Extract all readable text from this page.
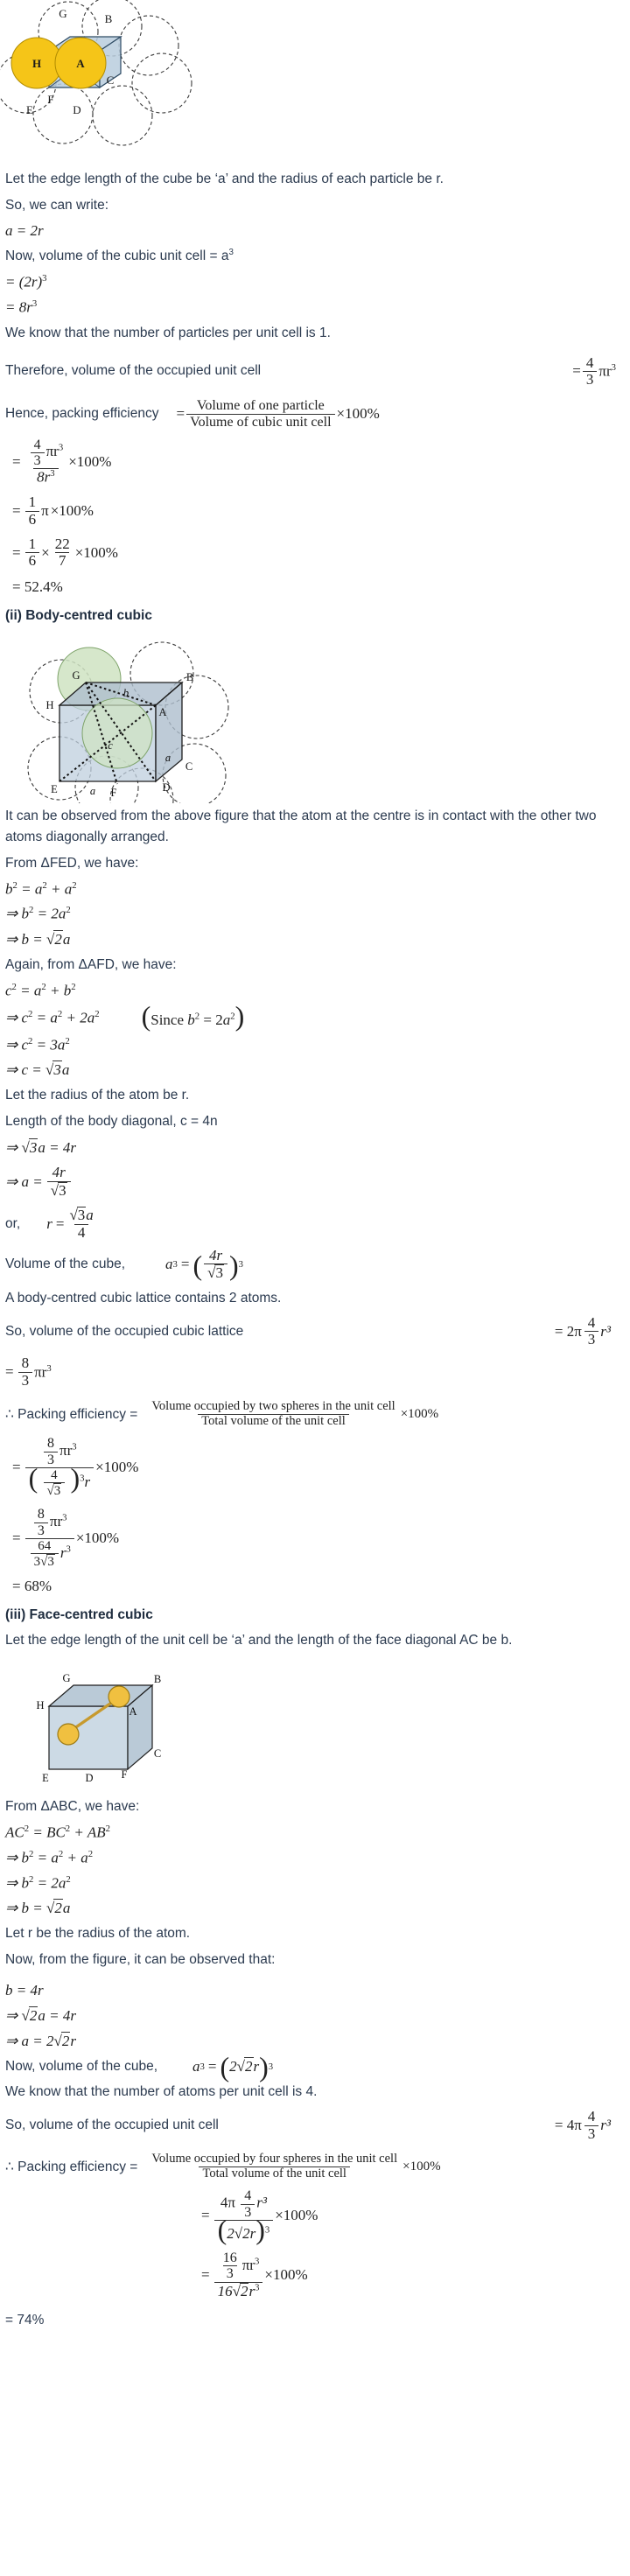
H	A
G	B
C
F
E	D
Let the edge length of the cube be ‘a’ and the radius of each particle be r.
So, we can write:
a = 2r
Now, volume of the cubic unit cell = $a^3$
= $(2r)^3$
= $8r^3$
We know that the number of particles per unit cell is 1.
Therefore, volume of the occupied unit cell	= $\frac{4}{3} \pi r^3$
Hence, packing efficiency = $\frac{\text{Volume of one particle}}{\text{Volume of cubic unit cell}} \times 100\%$
= $\frac{\frac{4}{3} \pi r^3}{8r^3} \times 100\%$
= $\frac{1}{6}$ π ×100%
= $\frac{1}{6} \times \frac{22}{7} \times 100\%$
= 52.4%
(ii) Body-centred cubic
G	B
H
A
E	F	D
C
b
c
a
a
It can be observed from the above figure that the atom at the centre is in contact with the other two atoms diagonally arranged.
From ΔFED, we have:
$b^2 = a^2 + a^2$
⇒ $b^2 = 2a^2$
⇒ b = √2a
Again, from ΔAFD, we have:
$c^2 = a^2 + b^2$
⇒ $c^2 = a^2 + 2a^2$ (Since $b^2 = 2a^2$)
⇒ $c^2 = 3a^2$
⇒ c = √3a
Let the radius of the atom be r.
Length of the body diagonal, c = 4n
⇒ √3a = 4r
⇒ $a = \frac{4r}{√3}$
or, $r = \frac{√3a}{4}$
Volume of the cube,	a 3 = ( $\frac{4r}{√3}$ ) 3
A body-centred cubic lattice contains 2 atoms.
So, volume of the occupied cubic lattice	= $2\pi \frac{4}{3} r^3$
= $\frac{8}{3} \pi r^3$
∴ Packing efficiency = $\frac{\text{Volume occupied by two spheres in the unit cell}}{\text{Total volume of the unit cell}} \times 100\%$
= $\frac{\frac{8}{3} \pi r^3}{( \frac{4}{√3} )^3r} \times 100\%$
= $\frac{\frac{8}{3} \pi r^3}{\frac{64}{3√3} r^3} \times 100\%$
= 68%
(iii) Face-centred cubic
Let the edge length of the unit cell be ‘a’ and the length of the face diagonal AC be b.
G	B
H	A
E	D
C
F
From ΔABC, we have:
$AC^2 = BC^2 + AB^2$
⇒ $b^2 = a^2 + a^2$
⇒ $b^2 = 2a^2$
⇒ b = √2a
Let r be the radius of the atom.
Now, from the figure, it can be observed that:
b = 4r
⇒ √2a = 4r
⇒ a = 2√2r
Now, volume of the cube, a 3 = ( 2√2r ) 3
We know that the number of atoms per unit cell is 4.
So, volume of the occupied unit cell	= $4\pi \frac{4}{3} r^3$
∴ Packing efficiency = $\frac{\text{Volume occupied by four spheres in the unit cell}}{\text{Total volume of the unit cell}} \times 100\%$
= $\frac{4\pi \frac{4}{3} r^3}{(2√2r)^3} \times 100\%$
= $\frac{\frac{16}{3} \pi r^3}{16√2r^3} \times 100\%$
= 74%
